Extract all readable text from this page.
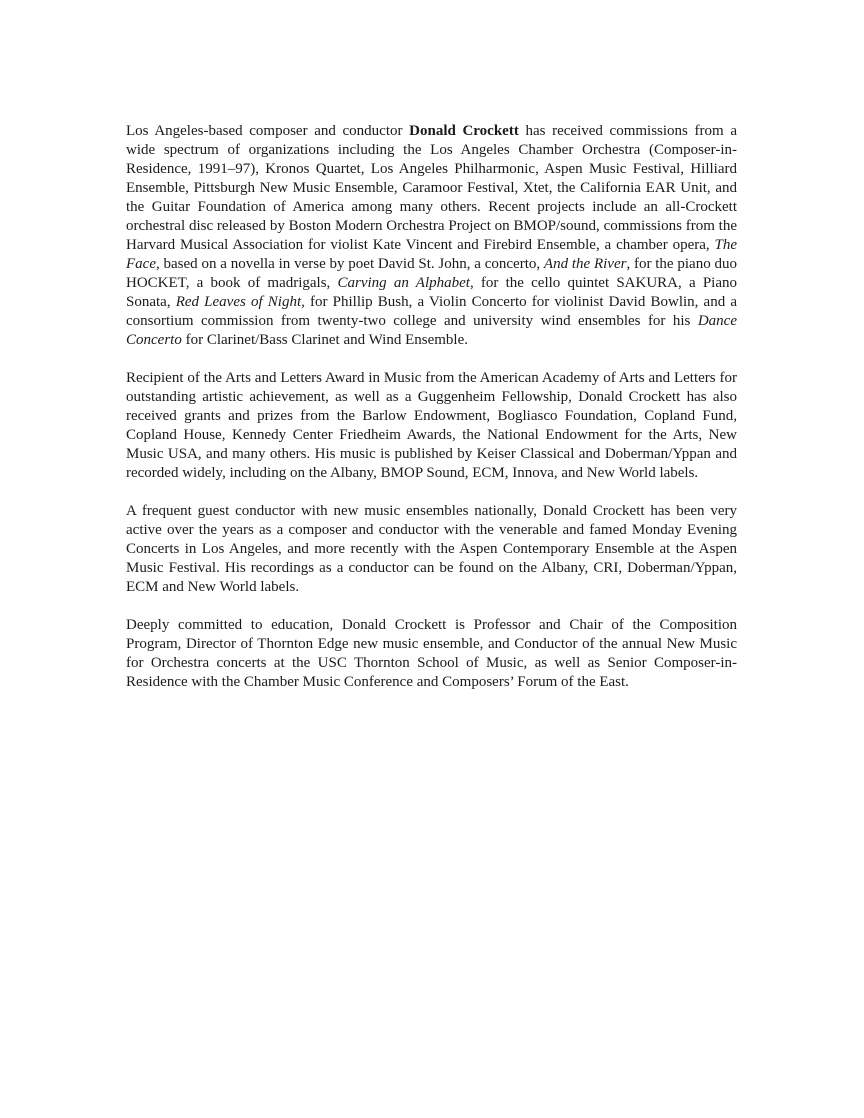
Los Angeles-based composer and conductor Donald Crockett has received commissions from a wide spectrum of organizations including the Los Angeles Chamber Orchestra (Composer-in-Residence, 1991–97), Kronos Quartet, Los Angeles Philharmonic, Aspen Music Festival, Hilliard Ensemble, Pittsburgh New Music Ensemble, Caramoor Festival, Xtet, the California EAR Unit, and the Guitar Foundation of America among many others. Recent projects include an all-Crockett orchestral disc released by Boston Modern Orchestra Project on BMOP/sound, commissions from the Harvard Musical Association for violist Kate Vincent and Firebird Ensemble, a chamber opera, The Face, based on a novella in verse by poet David St. John, a concerto, And the River, for the piano duo HOCKET, a book of madrigals, Carving an Alphabet, for the cello quintet SAKURA, a Piano Sonata, Red Leaves of Night, for Phillip Bush, a Violin Concerto for violinist David Bowlin, and a consortium commission from twenty-two college and university wind ensembles for his Dance Concerto for Clarinet/Bass Clarinet and Wind Ensemble.

Recipient of the Arts and Letters Award in Music from the American Academy of Arts and Letters for outstanding artistic achievement, as well as a Guggenheim Fellowship, Donald Crockett has also received grants and prizes from the Barlow Endowment, Bogliasco Foundation, Copland Fund, Copland House, Kennedy Center Friedheim Awards, the National Endowment for the Arts, New Music USA, and many others. His music is published by Keiser Classical and Doberman/Yppan and recorded widely, including on the Albany, BMOP Sound, ECM, Innova, and New World labels.

A frequent guest conductor with new music ensembles nationally, Donald Crockett has been very active over the years as a composer and conductor with the venerable and famed Monday Evening Concerts in Los Angeles, and more recently with the Aspen Contemporary Ensemble at the Aspen Music Festival. His recordings as a conductor can be found on the Albany, CRI, Doberman/Yppan, ECM and New World labels.

Deeply committed to education, Donald Crockett is Professor and Chair of the Composition Program, Director of Thornton Edge new music ensemble, and Conductor of the annual New Music for Orchestra concerts at the USC Thornton School of Music, as well as Senior Composer-in-Residence with the Chamber Music Conference and Composers’ Forum of the East.
